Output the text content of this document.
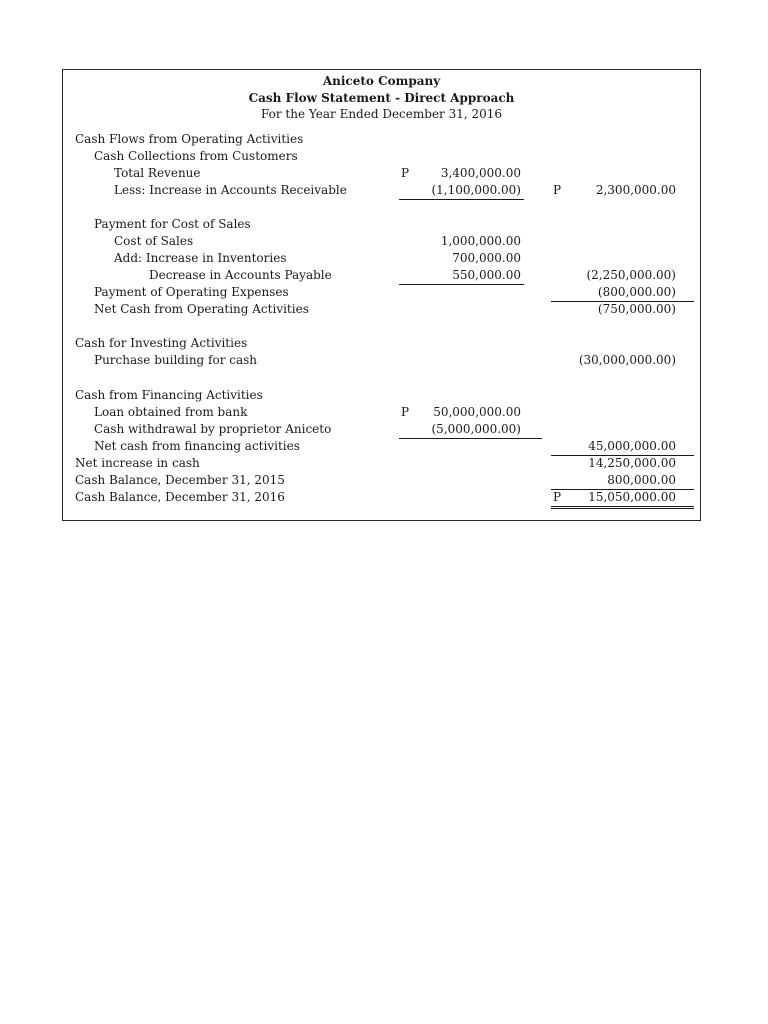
Aniceto Company
Cash Flow Statement - Direct Approach
For the Year Ended December 31, 2016
Cash Flows from Operating Activities
Cash Collections from Customers
Total Revenue	P	3,400,000.00
Less: Increase in Accounts Receivable	(1,100,000.00)	P	2,300,000.00
Payment for Cost of Sales
Cost of Sales	1,000,000.00
Add: Increase in Inventories	700,000.00
Decrease in Accounts Payable	550,000.00	(2,250,000.00)
Payment of Operating Expenses	(800,000.00)
Net Cash from Operating Activities	(750,000.00)
Cash for Investing Activities
Purchase building for cash	(30,000,000.00)
Cash from Financing Activities
Loan obtained from bank	P	50,000,000.00
Cash withdrawal by proprietor Aniceto	(5,000,000.00)
Net cash from financing activities	45,000,000.00
Net increase in cash	14,250,000.00
Cash Balance, December 31, 2015	800,000.00
Cash Balance, December 31, 2016	P	15,050,000.00
